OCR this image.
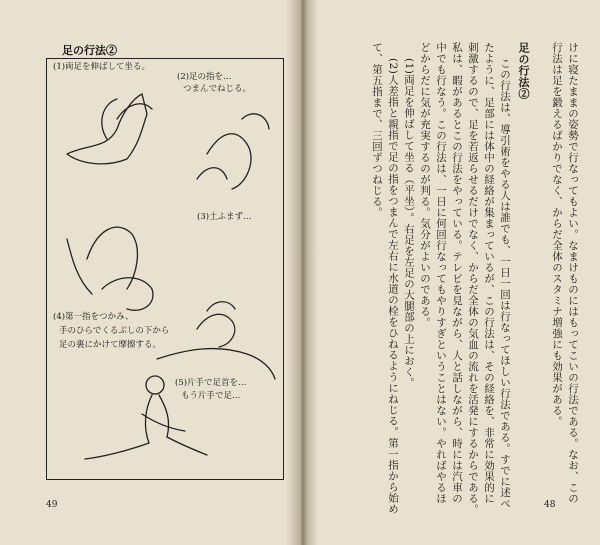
足の行法②
(1)両足を伸ばして坐る。
(2)足の指を…
つまんでねじる。
(3)土ふまず…
(4)第一指をつかみ、
手のひらでくるぶしの下から
足の裏にかけて摩擦する。
(5)片手で足首を…
もう片手で足…
49
けに寝たままの姿勢で行なってもよい。なまけものにはもってこいの行法である。なお、この
行法は足を鍛えるばかりでなく、からだ全体のスタミナ増強にも効果がある。
足の行法②
この行法は、導引術をやる人は誰でも、一日一回は行なってほしい行法である。すでに述べ
たように、足部には体中の経絡が集まっているが、この行法は、その経絡を、非常に効果的に
刺激するので、足を若返らせるだけでなく、からだ全体の気血の流れを活発にするからである。
私は、暇があるとこの行法をやっている。テレビを見ながら、人と話しながら、時には汽車の
中でも行なう。この行法は、一日に何回行なってもやりすぎということはない。やればやるほ
どからだに気が充実するのが判る。気分がよいのである。
(1)両足を伸ばして坐る（平坐）。右足を左足の大腿部の上におく。
(2)人差指と親指で足の指をつまんで左右に水道の栓をひねるようにねじる。第一指から始め
て、第五指まで、三回ずつねじる。
48
